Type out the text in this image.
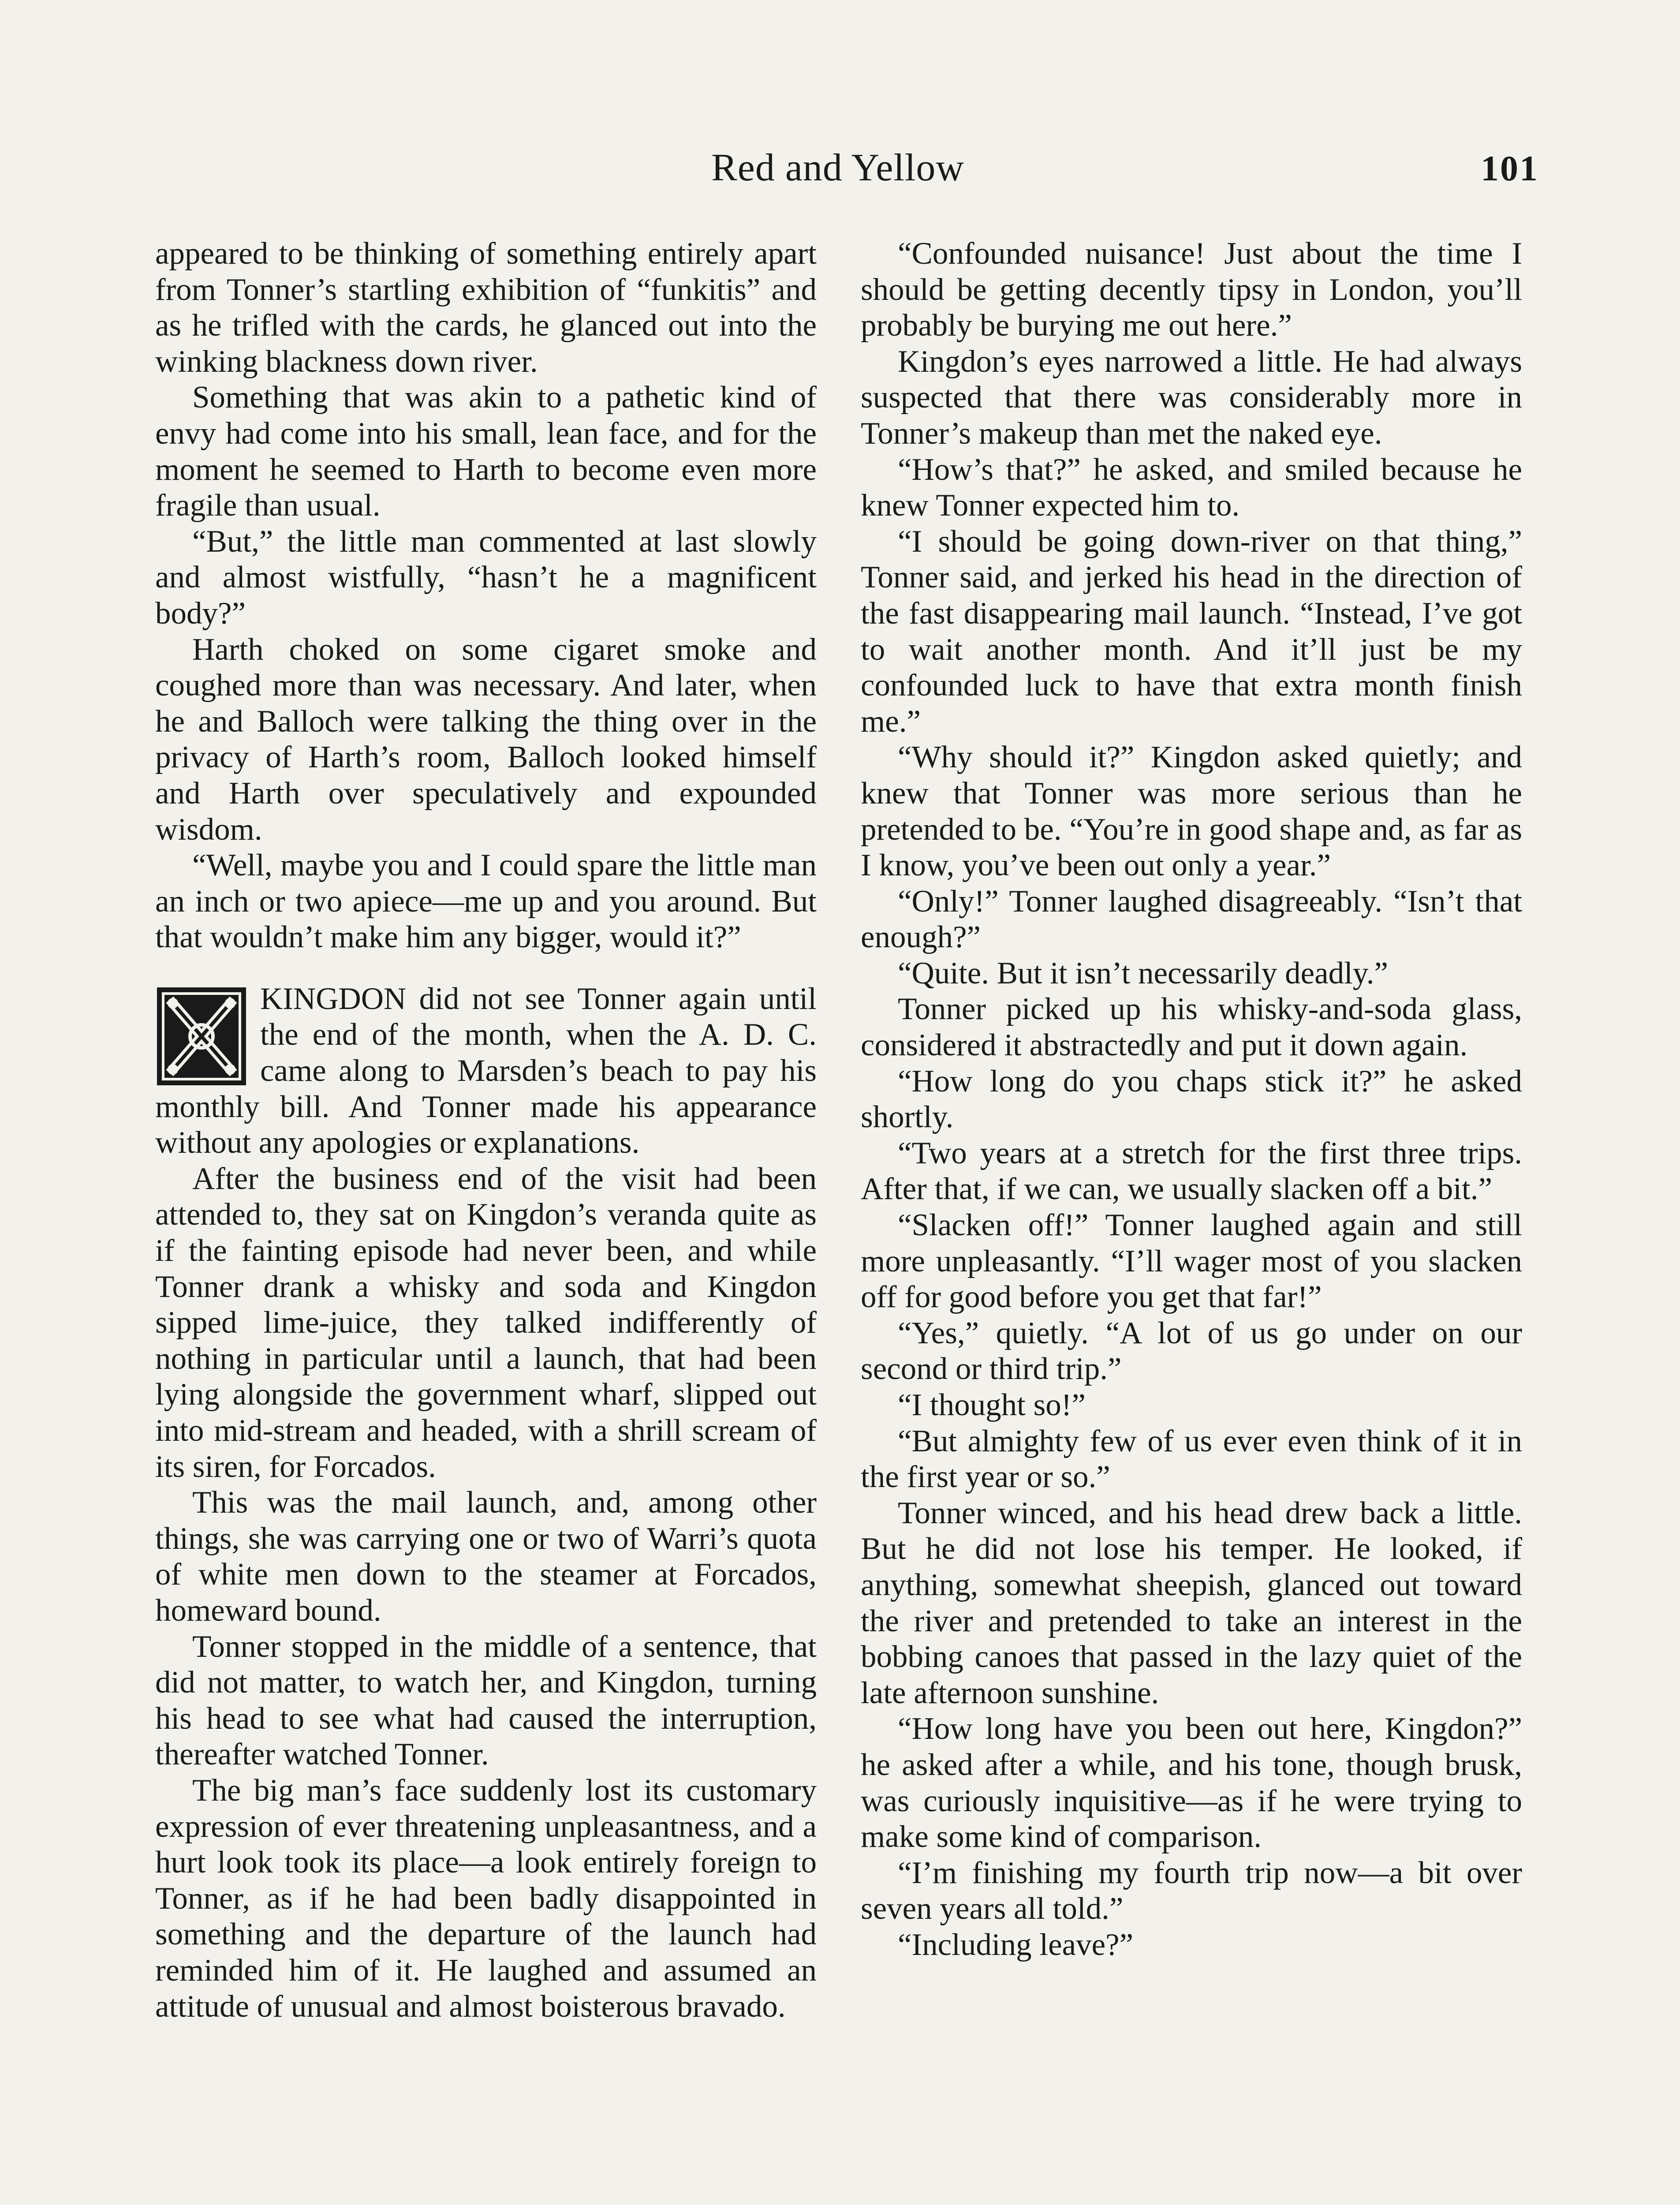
Red and Yellow	101

appeared to be thinking of something entirely apart from Tonner’s startling exhibition of “funkitis” and as he trifled with the cards, he glanced out into the winking blackness down river.

Something that was akin to a pathetic kind of envy had come into his small, lean face, and for the moment he seemed to Harth to become even more fragile than usual.

“But,” the little man commented at last slowly and almost wistfully, “hasn’t he a magnificent body?”

Harth choked on some cigaret smoke and coughed more than was necessary. And later, when he and Balloch were talking the thing over in the privacy of Harth’s room, Balloch looked himself and Harth over speculatively and expounded wisdom.

“Well, maybe you and I could spare the little man an inch or two apiece—me up and you around. But that wouldn’t make him any bigger, would it?”

KINGDON did not see Tonner again until the end of the month, when the A. D. C. came along to Marsden’s beach to pay his monthly bill. And Tonner made his appearance without any apologies or explanations.

After the business end of the visit had been attended to, they sat on Kingdon’s veranda quite as if the fainting episode had never been, and while Tonner drank a whisky and soda and Kingdon sipped lime-juice, they talked indifferently of nothing in particular until a launch, that had been lying alongside the government wharf, slipped out into mid-stream and headed, with a shrill scream of its siren, for Forcados.

This was the mail launch, and, among other things, she was carrying one or two of Warri’s quota of white men down to the steamer at Forcados, homeward bound.

Tonner stopped in the middle of a sentence, that did not matter, to watch her, and Kingdon, turning his head to see what had caused the interruption, thereafter watched Tonner.

The big man’s face suddenly lost its customary expression of ever threatening unpleasantness, and a hurt look took its place—a look entirely foreign to Tonner, as if he had been badly disappointed in something and the departure of the launch had reminded him of it. He laughed and assumed an attitude of unusual and almost boisterous bravado.

“Confounded nuisance! Just about the time I should be getting decently tipsy in London, you’ll probably be burying me out here.”

Kingdon’s eyes narrowed a little. He had always suspected that there was considerably more in Tonner’s makeup than met the naked eye.

“How’s that?” he asked, and smiled because he knew Tonner expected him to.

“I should be going down-river on that thing,” Tonner said, and jerked his head in the direction of the fast disappearing mail launch. “Instead, I’ve got to wait another month. And it’ll just be my confounded luck to have that extra month finish me.”

“Why should it?” Kingdon asked quietly; and knew that Tonner was more serious than he pretended to be. “You’re in good shape and, as far as I know, you’ve been out only a year.”

“Only!” Tonner laughed disagreeably. “Isn’t that enough?”

“Quite. But it isn’t necessarily deadly.”

Tonner picked up his whisky-and-soda glass, considered it abstractedly and put it down again.

“How long do you chaps stick it?” he asked shortly.

“Two years at a stretch for the first three trips. After that, if we can, we usually slacken off a bit.”

“Slacken off!” Tonner laughed again and still more unpleasantly. “I’ll wager most of you slacken off for good before you get that far!”

“Yes,” quietly. “A lot of us go under on our second or third trip.”

“I thought so!”

“But almighty few of us ever even think of it in the first year or so.”

Tonner winced, and his head drew back a little. But he did not lose his temper. He looked, if anything, somewhat sheepish, glanced out toward the river and pretended to take an interest in the bobbing canoes that passed in the lazy quiet of the late afternoon sunshine.

“How long have you been out here, Kingdon?” he asked after a while, and his tone, though brusk, was curiously inquisitive—as if he were trying to make some kind of comparison.

“I’m finishing my fourth trip now—a bit over seven years all told.”

“Including leave?”
